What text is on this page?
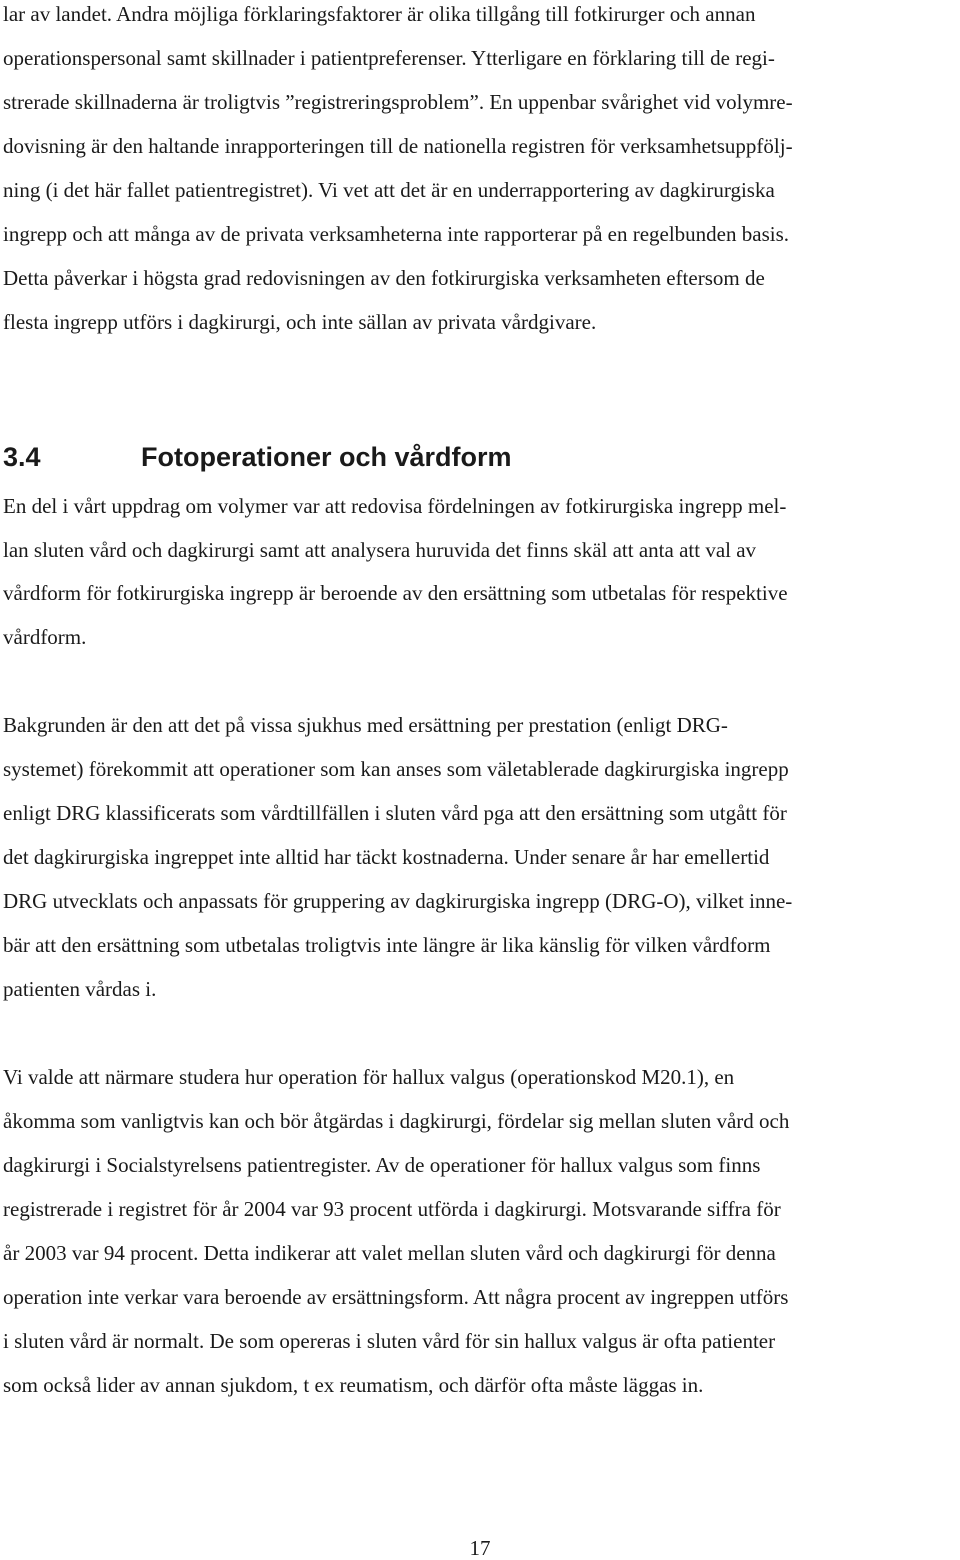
lar av landet. Andra möjliga förklaringsfaktorer är olika tillgång till fotkirurger och annan

operationspersonal samt skillnader i patientpreferenser. Ytterligare en förklaring till de regi-

strerade skillnaderna är troligtvis ”registreringsproblem”. En uppenbar svårighet vid volymre-

dovisning är den haltande inrapporteringen till de nationella registren för verksamhetsuppfölj-

ning (i det här fallet patientregistret). Vi vet att det är en underrapportering av dagkirurgiska

ingrepp och att många av de privata verksamheterna inte rapporterar på en regelbunden basis.

Detta påverkar i högsta grad redovisningen av den fotkirurgiska verksamheten eftersom de

flesta ingrepp utförs i dagkirurgi, och inte sällan av privata vårdgivare.

3.4	Fotoperationer och vårdform

En del i vårt uppdrag om volymer var att redovisa fördelningen av fotkirurgiska ingrepp mel-

lan sluten vård och dagkirurgi samt att analysera huruvida det finns skäl att anta att val av

vårdform för fotkirurgiska ingrepp är beroende av den ersättning som utbetalas för respektive

vårdform.

Bakgrunden är den att det på vissa sjukhus med ersättning per prestation (enligt DRG-

systemet) förekommit att operationer som kan anses som väletablerade dagkirurgiska ingrepp

enligt DRG klassificerats som vårdtillfällen i sluten vård pga att den ersättning som utgått för

det dagkirurgiska ingreppet inte alltid har täckt kostnaderna. Under senare år har emellertid

DRG utvecklats och anpassats för gruppering av dagkirurgiska ingrepp (DRG-O), vilket inne-

bär att den ersättning som utbetalas troligtvis inte längre är lika känslig för vilken vårdform

patienten vårdas i.

Vi valde att närmare studera hur operation för hallux valgus (operationskod M20.1), en

åkomma som vanligtvis kan och bör åtgärdas i dagkirurgi, fördelar sig mellan sluten vård och

dagkirurgi i Socialstyrelsens patientregister. Av de operationer för hallux valgus som finns

registrerade i registret för år 2004 var 93 procent utförda i dagkirurgi. Motsvarande siffra för

år 2003 var 94 procent. Detta indikerar att valet mellan sluten vård och dagkirurgi för denna

operation inte verkar vara beroende av ersättningsform. Att några procent av ingreppen utförs

i sluten vård är normalt. De som opereras i sluten vård för sin hallux valgus är ofta patienter

som också lider av annan sjukdom, t ex reumatism, och därför ofta måste läggas in.

17
